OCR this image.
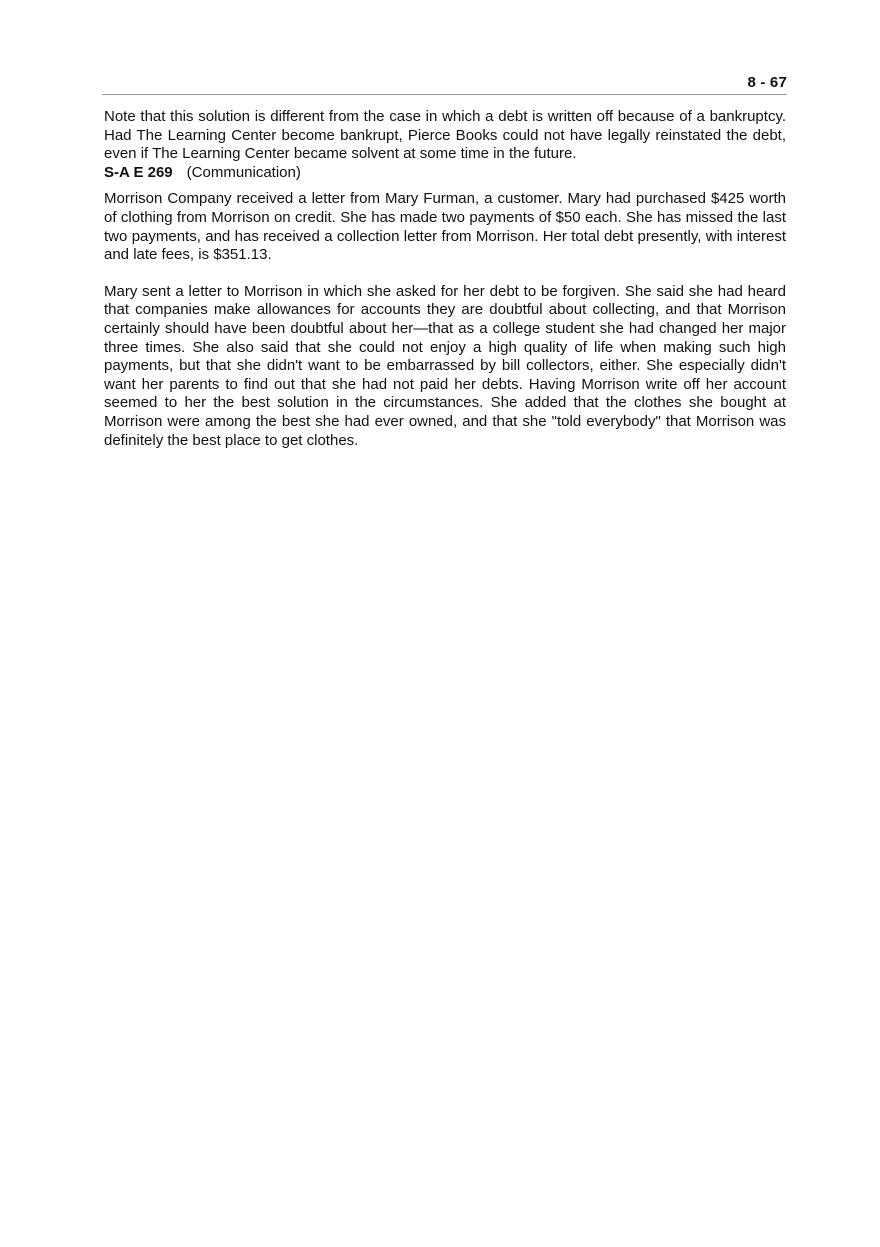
8 - 67

Note that this solution is different from the case in which a debt is written off because of a bankruptcy. Had The Learning Center become bankrupt, Pierce Books could not have legally reinstated the debt, even if The Learning Center became solvent at some time in the future.

S-A E 269 (Communication)

Morrison Company received a letter from Mary Furman, a customer. Mary had purchased $425 worth of clothing from Morrison on credit. She has made two payments of $50 each. She has missed the last two payments, and has received a collection letter from Morrison. Her total debt presently, with interest and late fees, is $351.13.

Mary sent a letter to Morrison in which she asked for her debt to be forgiven. She said she had heard that companies make allowances for accounts they are doubtful about collecting, and that Morrison certainly should have been doubtful about her—that as a college student she had changed her major three times. She also said that she could not enjoy a high quality of life when making such high payments, but that she didn't want to be embarrassed by bill collectors, either. She especially didn't want her parents to find out that she had not paid her debts. Having Morrison write off her account seemed to her the best solution in the circumstances. She added that the clothes she bought at Morrison were among the best she had ever owned, and that she "told everybody" that Morrison was definitely the best place to get clothes.
